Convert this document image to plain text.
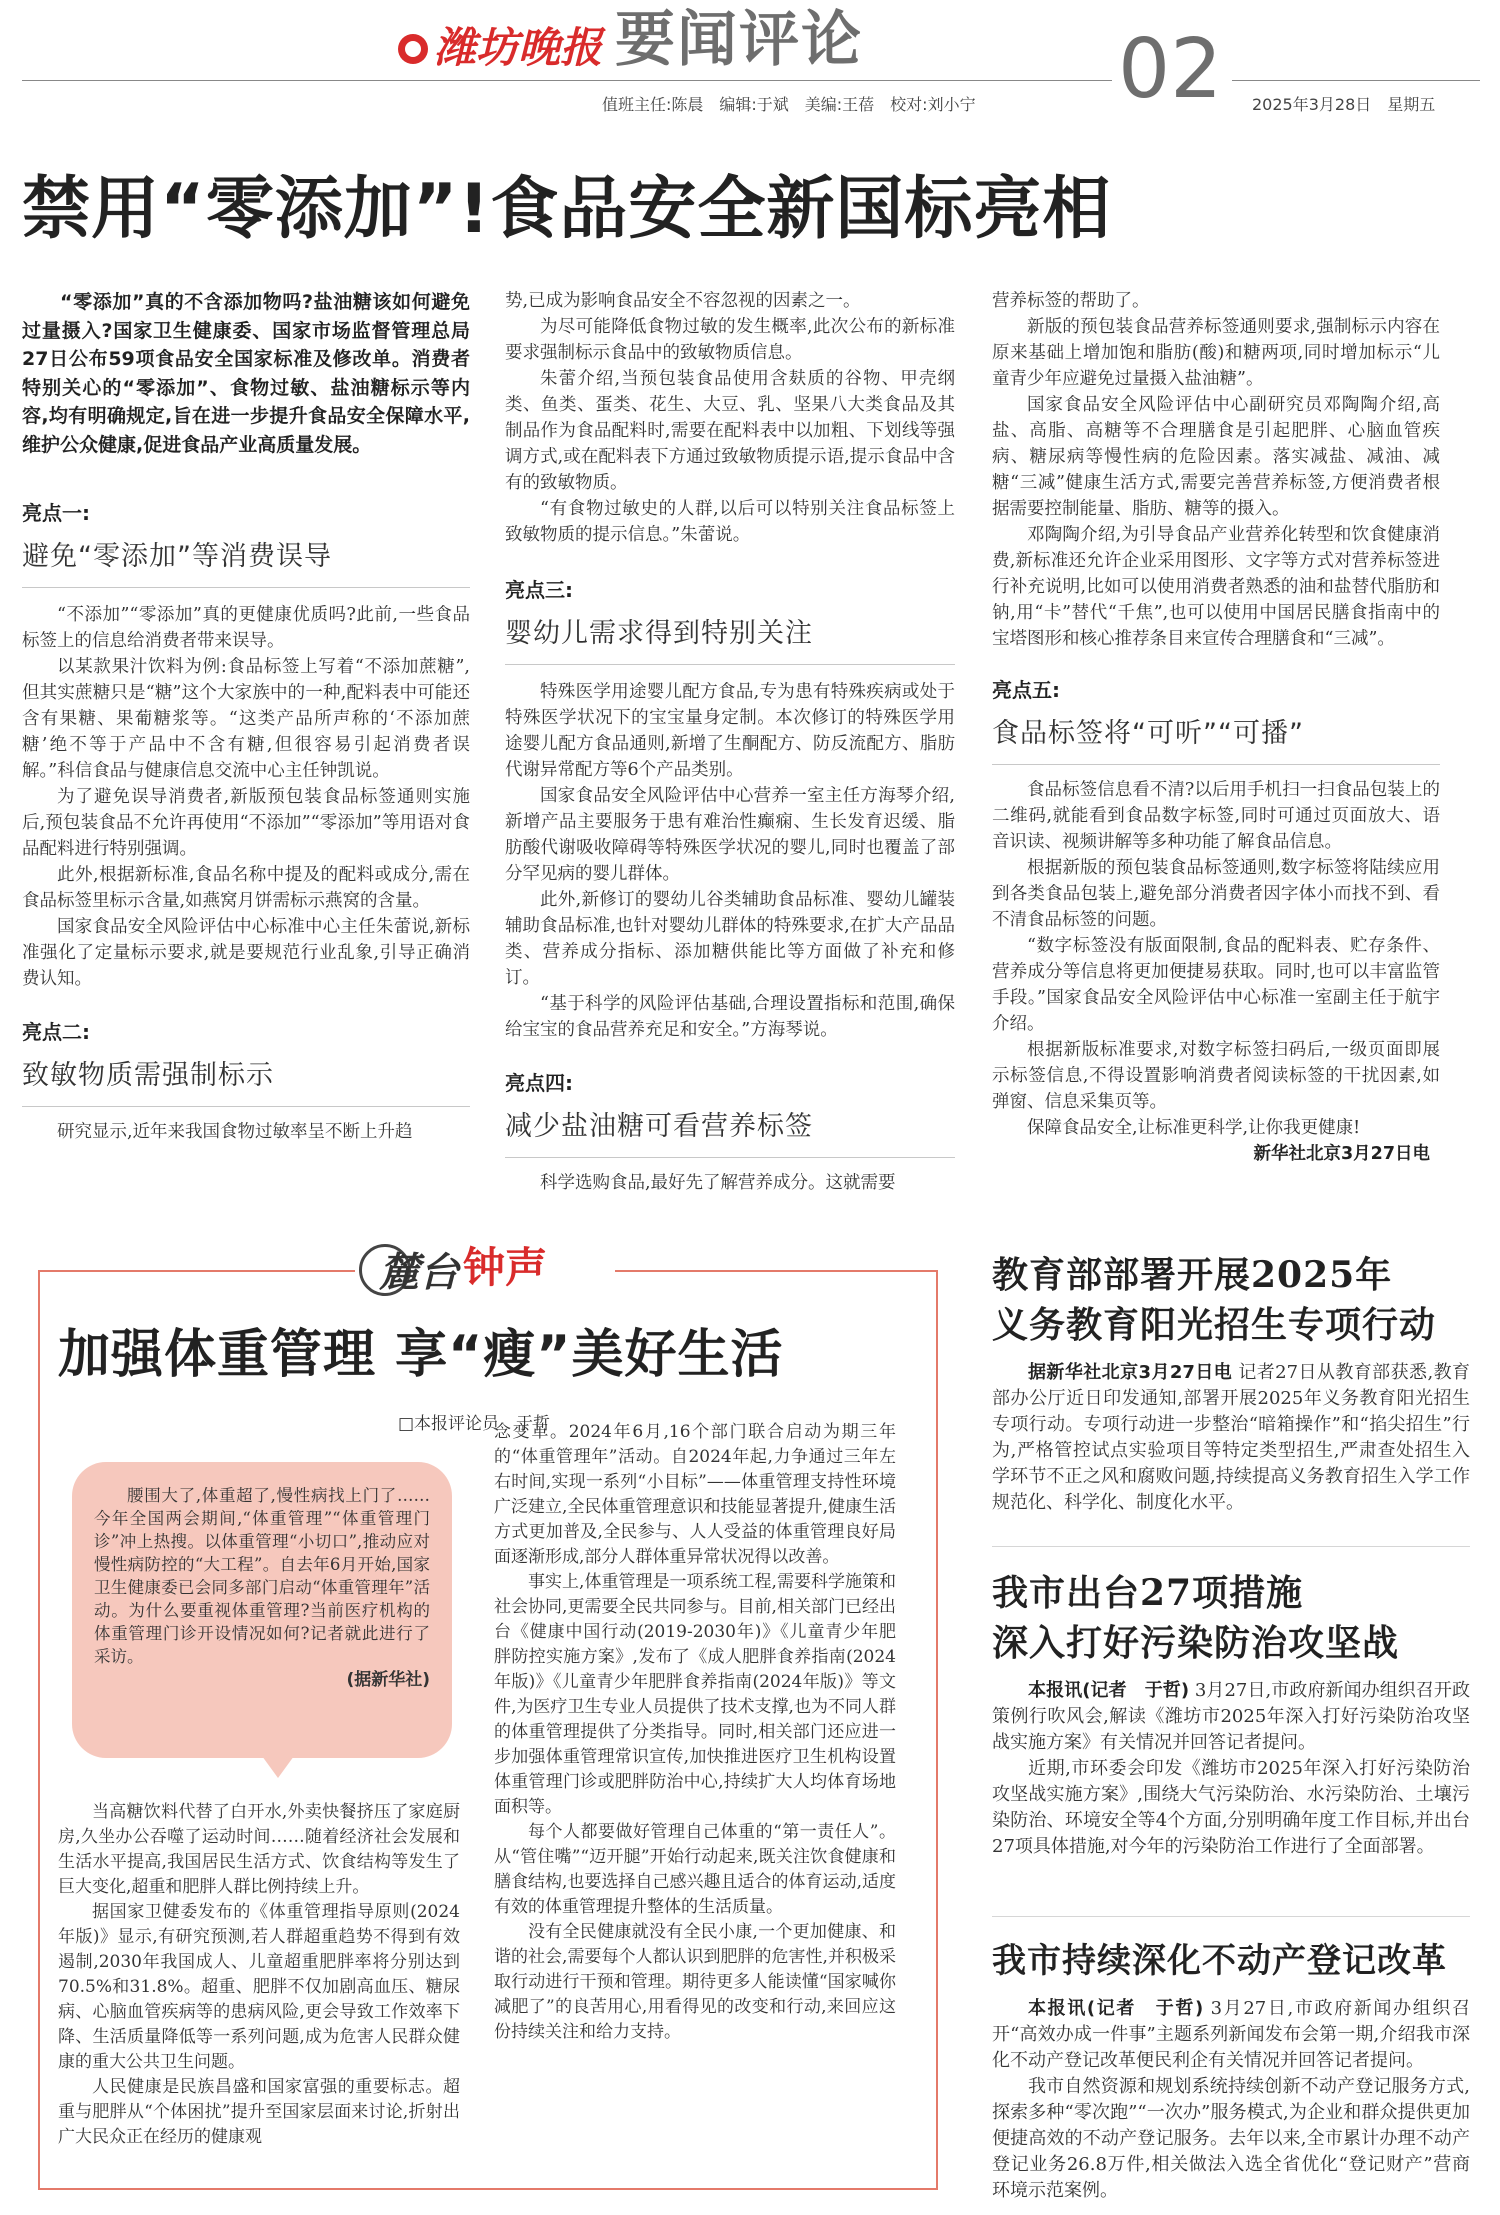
潍坊晚报 要闻评论
值班主任:陈晨　编辑:于斌　美编:王蓓　校对:刘小宁 02 2025年3月28日　星期五
禁用“零添加”!食品安全新国标亮相

“零添加”真的不含添加物吗?盐油糖该如何避免过量摄入?国家卫生健康委、国家市场监督管理总局27日公布59项食品安全国家标准及修改单。消费者特别关心的“零添加”、食物过敏、盐油糖标示等内容,均有明确规定,旨在进一步提升食品安全保障水平,维护公众健康,促进食品产业高质量发展。

亮点一:

避免“零添加”等消费误导

“不添加”“零添加”真的更健康优质吗?此前,一些食品标签上的信息给消费者带来误导。

以某款果汁饮料为例:食品标签上写着“不添加蔗糖”,但其实蔗糖只是“糖”这个大家族中的一种,配料表中可能还含有果糖、果葡糖浆等。“这类产品所声称的‘不添加蔗糖’绝不等于产品中不含有糖,但很容易引起消费者误解。”科信食品与健康信息交流中心主任钟凯说。

为了避免误导消费者,新版预包装食品标签通则实施后,预包装食品不允许再使用“不添加”“零添加”等用语对食品配料进行特别强调。

此外,根据新标准,食品名称中提及的配料或成分,需在食品标签里标示含量,如燕窝月饼需标示燕窝的含量。

国家食品安全风险评估中心标准中心主任朱蕾说,新标准强化了定量标示要求,就是要规范行业乱象,引导正确消费认知。

亮点二:

致敏物质需强制标示

研究显示,近年来我国食物过敏率呈不断上升趋

势,已成为影响食品安全不容忽视的因素之一。

为尽可能降低食物过敏的发生概率,此次公布的新标准要求强制标示食品中的致敏物质信息。

朱蕾介绍,当预包装食品使用含麸质的谷物、甲壳纲类、鱼类、蛋类、花生、大豆、乳、坚果八大类食品及其制品作为食品配料时,需要在配料表中以加粗、下划线等强调方式,或在配料表下方通过致敏物质提示语,提示食品中含有的致敏物质。

“有食物过敏史的人群,以后可以特别关注食品标签上致敏物质的提示信息。”朱蕾说。

亮点三:

婴幼儿需求得到特别关注

特殊医学用途婴儿配方食品,专为患有特殊疾病或处于特殊医学状况下的宝宝量身定制。本次修订的特殊医学用途婴儿配方食品通则,新增了生酮配方、防反流配方、脂肪代谢异常配方等6个产品类别。

国家食品安全风险评估中心营养一室主任方海琴介绍,新增产品主要服务于患有难治性癫痫、生长发育迟缓、脂肪酸代谢吸收障碍等特殊医学状况的婴儿,同时也覆盖了部分罕见病的婴儿群体。

此外,新修订的婴幼儿谷类辅助食品标准、婴幼儿罐装辅助食品标准,也针对婴幼儿群体的特殊要求,在扩大产品品类、营养成分指标、添加糖供能比等方面做了补充和修订。

“基于科学的风险评估基础,合理设置指标和范围,确保给宝宝的食品营养充足和安全。”方海琴说。

亮点四:

减少盐油糖可看营养标签

科学选购食品,最好先了解营养成分。这就需要

营养标签的帮助了。

新版的预包装食品营养标签通则要求,强制标示内容在原来基础上增加饱和脂肪(酸)和糖两项,同时增加标示“儿童青少年应避免过量摄入盐油糖”。

国家食品安全风险评估中心副研究员邓陶陶介绍,高盐、高脂、高糖等不合理膳食是引起肥胖、心脑血管疾病、糖尿病等慢性病的危险因素。落实减盐、减油、减糖“三减”健康生活方式,需要完善营养标签,方便消费者根据需要控制能量、脂肪、糖等的摄入。

邓陶陶介绍,为引导食品产业营养化转型和饮食健康消费,新标准还允许企业采用图形、文字等方式对营养标签进行补充说明,比如可以使用消费者熟悉的油和盐替代脂肪和钠,用“卡”替代“千焦”,也可以使用中国居民膳食指南中的宝塔图形和核心推荐条目来宣传合理膳食和“三减”。

亮点五:

食品标签将“可听”“可播”

食品标签信息看不清?以后用手机扫一扫食品包装上的二维码,就能看到食品数字标签,同时可通过页面放大、语音识读、视频讲解等多种功能了解食品信息。

根据新版的预包装食品标签通则,数字标签将陆续应用到各类食品包装上,避免部分消费者因字体小而找不到、看不清食品标签的问题。

“数字标签没有版面限制,食品的配料表、贮存条件、营养成分等信息将更加便捷易获取。同时,也可以丰富监管手段。”国家食品安全风险评估中心标准一室副主任于航宇介绍。

根据新版标准要求,对数字标签扫码后,一级页面即展示标签信息,不得设置影响消费者阅读标签的干扰因素,如弹窗、信息采集页等。

保障食品安全,让标准更科学,让你我更健康!

新华社北京3月27日电

麓台 钟声
加强体重管理 享“瘦”美好生活
□本报评论员　于哲

腰围大了,体重超了,慢性病找上门了……今年全国两会期间,“体重管理”“体重管理门诊”冲上热搜。以体重管理“小切口”,推动应对慢性病防控的“大工程”。自去年6月开始,国家卫生健康委已会同多部门启动“体重管理年”活动。为什么要重视体重管理?当前医疗机构的体重管理门诊开设情况如何?记者就此进行了采访。

(据新华社)

当高糖饮料代替了白开水,外卖快餐挤压了家庭厨房,久坐办公吞噬了运动时间……随着经济社会发展和生活水平提高,我国居民生活方式、饮食结构等发生了巨大变化,超重和肥胖人群比例持续上升。

据国家卫健委发布的《体重管理指导原则(2024年版)》显示,有研究预测,若人群超重趋势不得到有效遏制,2030年我国成人、儿童超重肥胖率将分别达到70.5%和31.8%。超重、肥胖不仅加剧高血压、糖尿病、心脑血管疾病等的患病风险,更会导致工作效率下降、生活质量降低等一系列问题,成为危害人民群众健康的重大公共卫生问题。

人民健康是民族昌盛和国家富强的重要标志。超重与肥胖从“个体困扰”提升至国家层面来讨论,折射出广大民众正在经历的健康观

念变革。2024年6月,16个部门联合启动为期三年的“体重管理年”活动。自2024年起,力争通过三年左右时间,实现一系列“小目标”——体重管理支持性环境广泛建立,全民体重管理意识和技能显著提升,健康生活方式更加普及,全民参与、人人受益的体重管理良好局面逐渐形成,部分人群体重异常状况得以改善。

事实上,体重管理是一项系统工程,需要科学施策和社会协同,更需要全民共同参与。目前,相关部门已经出台《健康中国行动(2019-2030年)》《儿童青少年肥胖防控实施方案》,发布了《成人肥胖食养指南(2024年版)》《儿童青少年肥胖食养指南(2024年版)》等文件,为医疗卫生专业人员提供了技术支撑,也为不同人群的体重管理提供了分类指导。同时,相关部门还应进一步加强体重管理常识宣传,加快推进医疗卫生机构设置体重管理门诊或肥胖防治中心,持续扩大人均体育场地面积等。

每个人都要做好管理自己体重的“第一责任人”。从“管住嘴”“迈开腿”开始行动起来,既关注饮食健康和膳食结构,也要选择自己感兴趣且适合的体育运动,适度有效的体重管理提升整体的生活质量。

没有全民健康就没有全民小康,一个更加健康、和谐的社会,需要每个人都认识到肥胖的危害性,并积极采取行动进行干预和管理。期待更多人能读懂“国家喊你减肥了”的良苦用心,用看得见的改变和行动,来回应这份持续关注和给力支持。

教育部部署开展2025年

义务教育阳光招生专项行动

据新华社北京3月27日电 记者27日从教育部获悉,教育部办公厅近日印发通知,部署开展2025年义务教育阳光招生专项行动。专项行动进一步整治“暗箱操作”和“掐尖招生”行为,严格管控试点实验项目等特定类型招生,严肃查处招生入学环节不正之风和腐败问题,持续提高义务教育招生入学工作规范化、科学化、制度化水平。

我市出台27项措施

深入打好污染防治攻坚战

本报讯(记者　于哲) 3月27日,市政府新闻办组织召开政策例行吹风会,解读《潍坊市2025年深入打好污染防治攻坚战实施方案》有关情况并回答记者提问。

近期,市环委会印发《潍坊市2025年深入打好污染防治攻坚战实施方案》,围绕大气污染防治、水污染防治、土壤污染防治、环境安全等4个方面,分别明确年度工作目标,并出台27项具体措施,对今年的污染防治工作进行了全面部署。

我市持续深化不动产登记改革

本报讯(记者　于哲) 3月27日,市政府新闻办组织召开“高效办成一件事”主题系列新闻发布会第一期,介绍我市深化不动产登记改革便民利企有关情况并回答记者提问。

我市自然资源和规划系统持续创新不动产登记服务方式,探索多种“零次跑”“一次办”服务模式,为企业和群众提供更加便捷高效的不动产登记服务。去年以来,全市累计办理不动产登记业务26.8万件,相关做法入选全省优化“登记财产”营商环境示范案例。
